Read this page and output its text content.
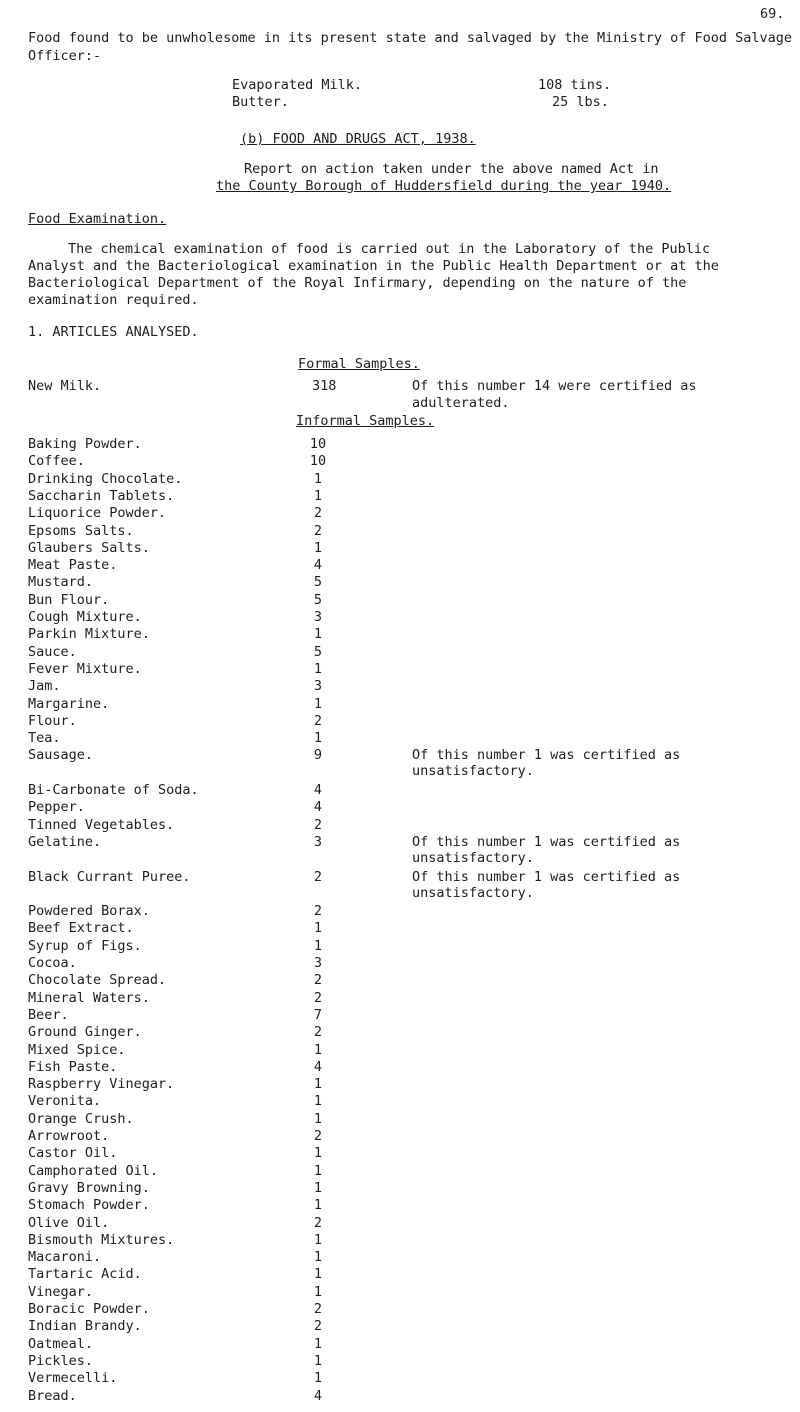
69.
Food found to be unwholesome in its present state and salvaged by the Ministry of Food Salvage
Officer:-
Evaporated Milk.	108 tins.
Butter.	25 lbs.
(b) FOOD AND DRUGS ACT, 1938.
Report on action taken under the above named Act in
the County Borough of Huddersfield during the year 1940.
Food Examination.
The chemical examination of food is carried out in the Laboratory of the Public
Analyst and the Bacteriological examination in the Public Health Department or at the
Bacteriological Department of the Royal Infirmary, depending on the nature of the
examination required.
1. ARTICLES ANALYSED.
Formal Samples.
New Milk.	318	Of this number 14 were certified as adulterated.
Informal Samples.
Baking Powder.	10
Coffee.	10
Drinking Chocolate.	1
Saccharin Tablets.	1
Liquorice Powder.	2
Epsoms Salts.	2
Glaubers Salts.	1
Meat Paste.	4
Mustard.	5
Bun Flour.	5
Cough Mixture.	3
Parkin Mixture.	1
Sauce.	5
Fever Mixture.	1
Jam.	3
Margarine.	1
Flour.	2
Tea.	1
Sausage.	9	Of this number 1 was certified as unsatisfactory.
Bi-Carbonate of Soda.	4
Pepper.	4
Tinned Vegetables.	2
Gelatine.	3	Of this number 1 was certified as unsatisfactory.
Black Currant Puree.	2	Of this number 1 was certified as unsatisfactory.
Powdered Borax.	2
Beef Extract.	1
Syrup of Figs.	1
Cocoa.	3
Chocolate Spread.	2
Mineral Waters.	2
Beer.	7
Ground Ginger.	2
Mixed Spice.	1
Fish Paste.	4
Raspberry Vinegar.	1
Veronita.	1
Orange Crush.	1
Arrowroot.	2
Castor Oil.	1
Camphorated Oil.	1
Gravy Browning.	1
Stomach Powder.	1
Olive Oil.	2
Bismouth Mixtures.	1
Macaroni.	1
Tartaric Acid.	1
Vinegar.	1
Boracic Powder.	2
Indian Brandy.	2
Oatmeal.	1
Pickles.	1
Vermecelli.	1
Bread.	4
